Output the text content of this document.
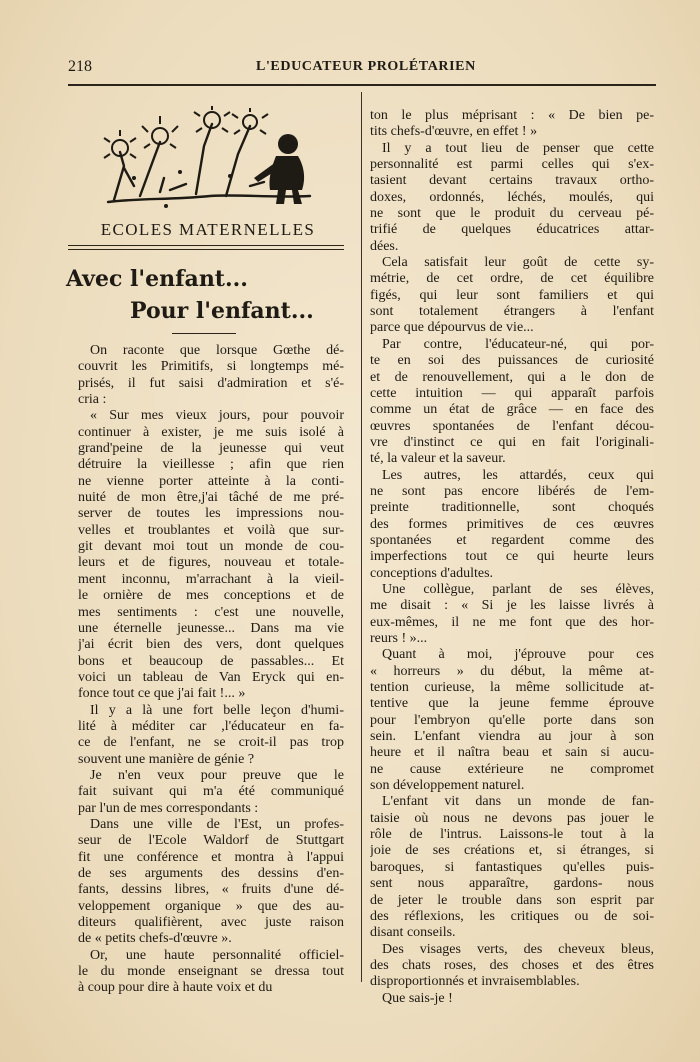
218	L'EDUCATEUR PROLÉTARIEN
ECOLES MATERNELLES
Avec l'enfant...
Pour l'enfant...

On raconte que lorsque Gœthe dé-
couvrit les Primitifs, si longtemps mé-
prisés, il fut saisi d'admiration et s'é-
cria :

« Sur mes vieux jours, pour pouvoir
continuer à exister, je me suis isolé à
grand'peine de la jeunesse qui veut
détruire la vieillesse ; afin que rien
ne vienne porter atteinte à la conti-
nuité de mon être,j'ai tâché de me pré-
server de toutes les impressions nou-
velles et troublantes et voilà que sur-
git devant moi tout un monde de cou-
leurs et de figures, nouveau et totale-
ment inconnu, m'arrachant à la vieil-
le ornière de mes conceptions et de
mes sentiments : c'est une nouvelle,
une éternelle jeunesse... Dans ma vie
j'ai écrit bien des vers, dont quelques
bons et beaucoup de passables... Et
voici un tableau de Van Eryck qui en-
fonce tout ce que j'ai fait !... »

Il y a là une fort belle leçon d'humi-
lité à méditer car ,l'éducateur en fa-
ce de l'enfant, ne se croit-il pas trop
souvent une manière de génie ?

Je n'en veux pour preuve que le
fait suivant qui m'a été communiqué
par l'un de mes correspondants :

Dans une ville de l'Est, un profes-
seur de l'Ecole Waldorf de Stuttgart
fit une conférence et montra à l'appui
de ses arguments des dessins d'en-
fants, dessins libres, « fruits d'une dé-
veloppement organique » que des au-
diteurs qualifièrent, avec juste raison
de « petits chefs-d'œuvre ».

Or, une haute personnalité officiel-
le du monde enseignant se dressa tout
à coup pour dire à haute voix et du

ton le plus méprisant : « De bien pe-
tits chefs-d'œuvre, en effet ! »

Il y a tout lieu de penser que cette
personnalité est parmi celles qui s'ex-
tasient devant certains travaux ortho-
doxes, ordonnés, léchés, moulés, qui
ne sont que le produit du cerveau pé-
trifié de quelques éducatrices attar-
dées.

Cela satisfait leur goût de cette sy-
métrie, de cet ordre, de cet équilibre
figés, qui leur sont familiers et qui
sont totalement étrangers à l'enfant
parce que dépourvus de vie...

Par contre, l'éducateur-né, qui por-
te en soi des puissances de curiosité
et de renouvellement, qui a le don de
cette intuition — qui apparaît parfois
comme un état de grâce — en face des
œuvres spontanées de l'enfant décou-
vre d'instinct ce qui en fait l'originali-
té, la valeur et la saveur.

Les autres, les attardés, ceux qui
ne sont pas encore libérés de l'em-
preinte traditionnelle, sont choqués
des formes primitives de ces œuvres
spontanées et regardent comme des
imperfections tout ce qui heurte leurs
conceptions d'adultes.

Une collègue, parlant de ses élèves,
me disait : « Si je les laisse livrés à
eux-mêmes, il ne me font que des hor-
reurs ! »...

Quant à moi, j'éprouve pour ces
« horreurs » du début, la même at-
tention curieuse, la même sollicitude at-
tentive que la jeune femme éprouve
pour l'embryon qu'elle porte dans son
sein. L'enfant viendra au jour à son
heure et il naîtra beau et sain si aucu-
ne cause extérieure ne compromet
son développement naturel.

L'enfant vit dans un monde de fan-
taisie où nous ne devons pas jouer le
rôle de l'intrus. Laissons-le tout à la
joie de ses créations et, si étranges, si
baroques, si fantastiques qu'elles puis-
sent nous apparaître, gardons- nous
de jeter le trouble dans son esprit par
des réflexions, les critiques ou de soi-
disant conseils.

Des visages verts, des cheveux bleus,
des chats roses, des choses et des êtres
disproportionnés et invraisemblables.

Que sais-je !
